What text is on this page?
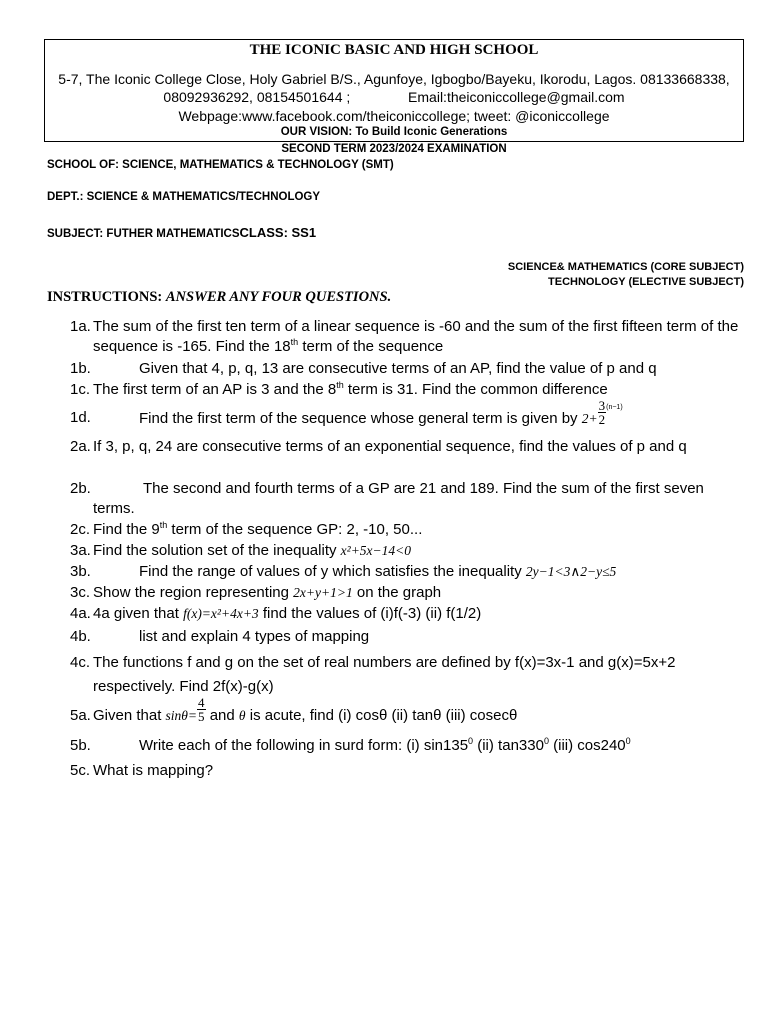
THE ICONIC BASIC AND HIGH SCHOOL
5-7, The Iconic College Close, Holy Gabriel B/S., Agunfoye, Igbogbo/Bayeku, Ikorodu, Lagos. 08133668338, 08092936292, 08154501644 ;	Email:theiconiccollege@gmail.com
Webpage:www.facebook.com/theiconiccollege; tweet: @iconiccollege
OUR VISION: To Build Iconic Generations
SECOND TERM 2023/2024 EXAMINATION
SCHOOL OF: SCIENCE, MATHEMATICS & TECHNOLOGY (SMT)
DEPT.: SCIENCE & MATHEMATICS/TECHNOLOGY
SUBJECT: FUTHER MATHEMATICSCLASS: SS1
SCIENCE& MATHEMATICS (CORE SUBJECT)
TECHNOLOGY (ELECTIVE SUBJECT)
INSTRUCTIONS: ANSWER ANY FOUR QUESTIONS.
1a. The sum of the first ten term of a linear sequence is -60 and the sum of the first fifteen term of the sequence is -165. Find the 18th term of the sequence
1b.	Given that 4, p, q, 13 are consecutive terms of an AP, find the value of p and q
1c. The first term of an AP is 3 and the 8th term is 31. Find the common difference
1d.	Find the first term of the sequence whose general term is given by $2+ \frac{3}{2} ^{(n-1)}$
2a. If 3, p, q, 24 are consecutive terms of an exponential sequence, find the values of p and q
2b.	The second and fourth terms of a GP are 21 and 189. Find the sum of the first seven terms.
2c. Find the 9th term of the sequence GP: 2, -10, 50...
3a. Find the solution set of the inequality x²+5x−14<0
3b.	Find the range of values of y which satisfies the inequality 2y−1<3∧2−y≤5
3c. Show the region representing 2x+y+1>1 on the graph
4a. 4a given that f(x)=x²+4x+3 find the values of (i)f(-3) (ii) f(1/2)
4b.	list and explain 4 types of mapping
4c. The functions f and g on the set of real numbers are defined by f(x)=3x-1 and g(x)=5x+2 respectively. Find 2f(x)-g(x)
5a. Given that $\sin\theta= \frac{4}{5}$ and θ is acute, find (i) cosθ (ii) tanθ (iii) cosecθ
5b.	Write each of the following in surd form: (i) $\sin 135^0$ (ii) $\tan 330^0$ (iii) $\cos 240^0$
5c. What is mapping?
